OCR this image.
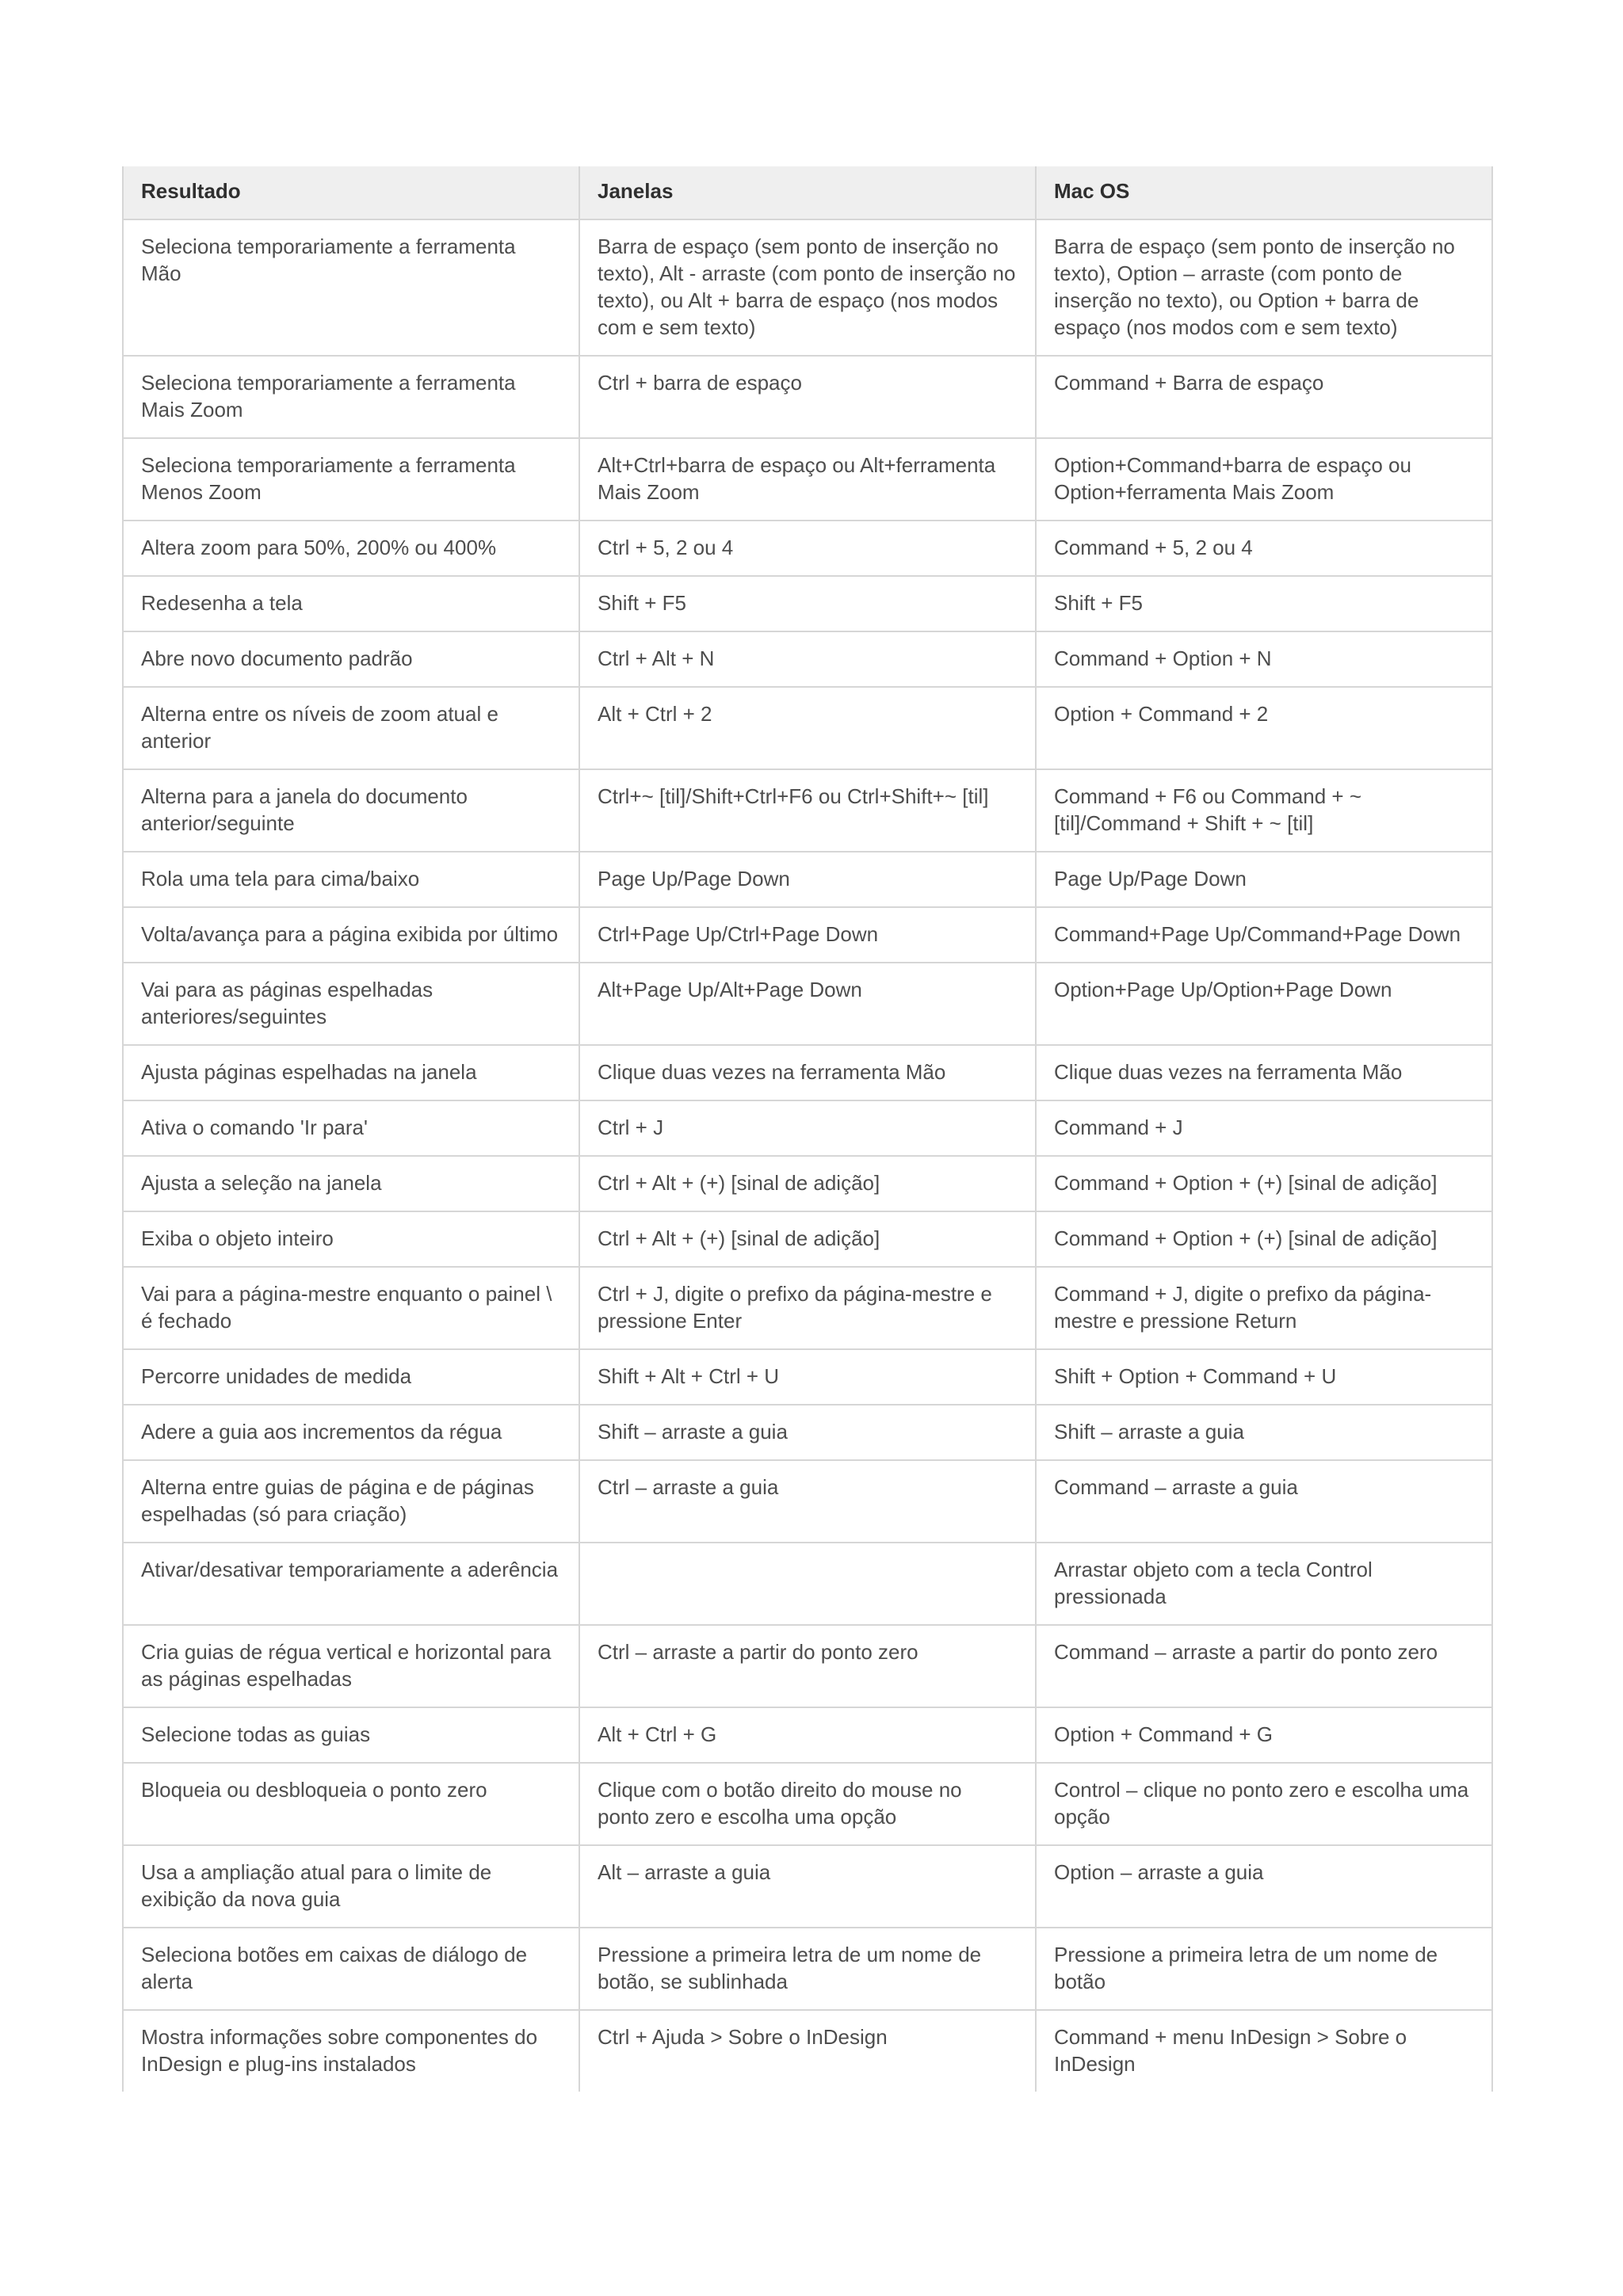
Resultado	Janelas	Mac OS
Seleciona temporariamente a ferramenta Mão	Barra de espaço (sem ponto de inserção no texto), Alt - arraste (com ponto de inserção no texto), ou Alt + barra de espaço (nos modos com e sem texto)	Barra de espaço (sem ponto de inserção no texto), Option – arraste (com ponto de inserção no texto), ou Option + barra de espaço (nos modos com e sem texto)
Seleciona temporariamente a ferramenta Mais Zoom	Ctrl + barra de espaço	Command + Barra de espaço
Seleciona temporariamente a ferramenta Menos Zoom	Alt+Ctrl+barra de espaço ou Alt+ferramenta Mais Zoom	Option+Command+barra de espaço ou Option+ferramenta Mais Zoom
Altera zoom para 50%, 200% ou 400%	Ctrl + 5, 2 ou 4	Command + 5, 2 ou 4
Redesenha a tela	Shift + F5	Shift + F5
Abre novo documento padrão	Ctrl + Alt + N	Command + Option + N
Alterna entre os níveis de zoom atual e anterior	Alt + Ctrl + 2	Option + Command + 2
Alterna para a janela do documento anterior/seguinte	Ctrl+~ [til]/Shift+Ctrl+F6 ou Ctrl+Shift+~ [til]	Command + F6 ou Command + ~ [til]/Command + Shift + ~ [til]
Rola uma tela para cima/baixo	Page Up/Page Down	Page Up/Page Down
Volta/avança para a página exibida por último	Ctrl+Page Up/Ctrl+Page Down	Command+Page Up/Command+Page Down
Vai para as páginas espelhadas anteriores/seguintes	Alt+Page Up/Alt+Page Down	Option+Page Up/Option+Page Down
Ajusta páginas espelhadas na janela	Clique duas vezes na ferramenta Mão	Clique duas vezes na ferramenta Mão
Ativa o comando 'Ir para'	Ctrl + J	Command + J
Ajusta a seleção na janela	Ctrl + Alt + (+) [sinal de adição]	Command + Option + (+) [sinal de adição]
Exiba o objeto inteiro	Ctrl + Alt + (+) [sinal de adição]	Command + Option + (+) [sinal de adição]
Vai para a página-mestre enquanto o painel \ é fechado	Ctrl + J, digite o prefixo da página-mestre e pressione Enter	Command + J, digite o prefixo da página-mestre e pressione Return
Percorre unidades de medida	Shift + Alt + Ctrl + U	Shift + Option + Command + U
Adere a guia aos incrementos da régua	Shift – arraste a guia	Shift – arraste a guia
Alterna entre guias de página e de páginas espelhadas (só para criação)	Ctrl – arraste a guia	Command – arraste a guia
Ativar/desativar temporariamente a aderência		Arrastar objeto com a tecla Control pressionada
Cria guias de régua vertical e horizontal para as páginas espelhadas	Ctrl – arraste a partir do ponto zero	Command – arraste a partir do ponto zero
Selecione todas as guias	Alt + Ctrl + G	Option + Command + G
Bloqueia ou desbloqueia o ponto zero	Clique com o botão direito do mouse no ponto zero e escolha uma opção	Control – clique no ponto zero e escolha uma opção
Usa a ampliação atual para o limite de exibição da nova guia	Alt – arraste a guia	Option – arraste a guia
Seleciona botões em caixas de diálogo de alerta	Pressione a primeira letra de um nome de botão, se sublinhada	Pressione a primeira letra de um nome de botão
Mostra informações sobre componentes do InDesign e plug-ins instalados	Ctrl + Ajuda > Sobre o InDesign	Command + menu InDesign > Sobre o InDesign
